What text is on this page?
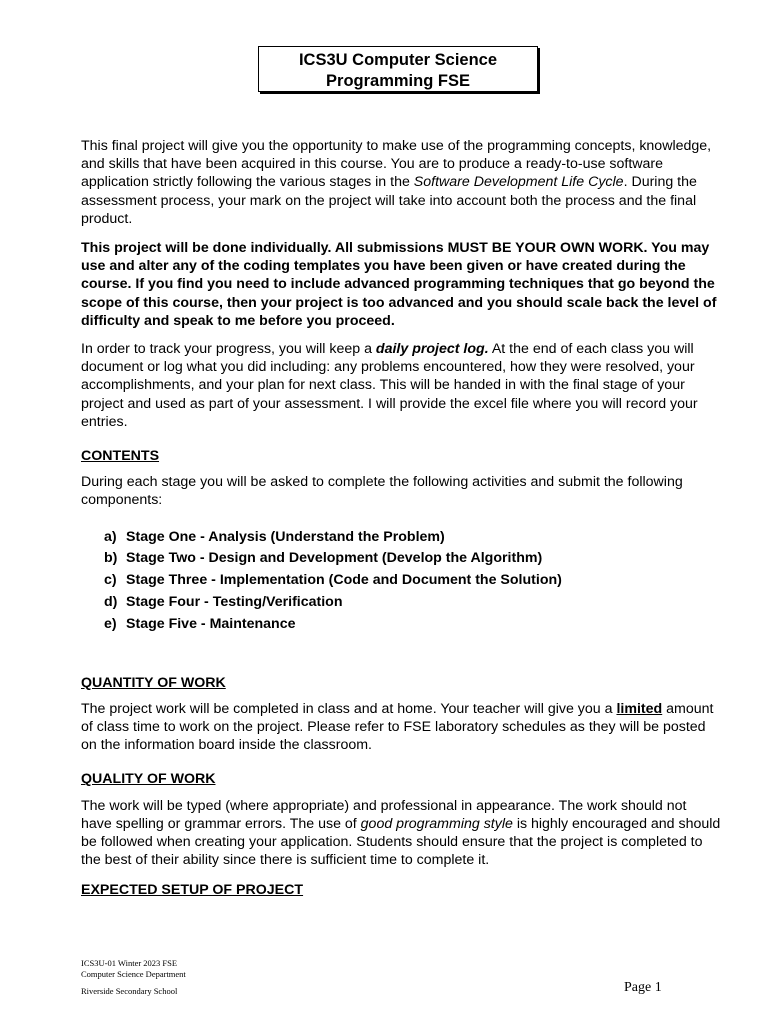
ICS3U Computer Science
Programming FSE

This final project will give you the opportunity to make use of the programming concepts, knowledge, and skills that have been acquired in this course. You are to produce a ready-to-use software application strictly following the various stages in the Software Development Life Cycle. During the assessment process, your mark on the project will take into account both the process and the final product.

This project will be done individually. All submissions MUST BE YOUR OWN WORK. You may use and alter any of the coding templates you have been given or have created during the course. If you find you need to include advanced programming techniques that go beyond the scope of this course, then your project is too advanced and you should scale back the level of difficulty and speak to me before you proceed.

In order to track your progress, you will keep a daily project log. At the end of each class you will document or log what you did including: any problems encountered, how they were resolved, your accomplishments, and your plan for next class. This will be handed in with the final stage of your project and used as part of your assessment. I will provide the excel file where you will record your entries.

CONTENTS

During each stage you will be asked to complete the following activities and submit the following components:

a) Stage One - Analysis (Understand the Problem)
b) Stage Two - Design and Development (Develop the Algorithm)
c) Stage Three - Implementation (Code and Document the Solution)
d) Stage Four - Testing/Verification
e) Stage Five - Maintenance
QUANTITY OF WORK

The project work will be completed in class and at home. Your teacher will give you a limited amount of class time to work on the project. Please refer to FSE laboratory schedules as they will be posted on the information board inside the classroom.

QUALITY OF WORK

The work will be typed (where appropriate) and professional in appearance. The work should not have spelling or grammar errors. The use of good programming style is highly encouraged and should be followed when creating your application. Students should ensure that the project is completed to the best of their ability since there is sufficient time to complete it.

EXPECTED SETUP OF PROJECT
ICS3U-01 Winter 2023 FSE
Computer Science Department
Riverside Secondary School	Page 1
